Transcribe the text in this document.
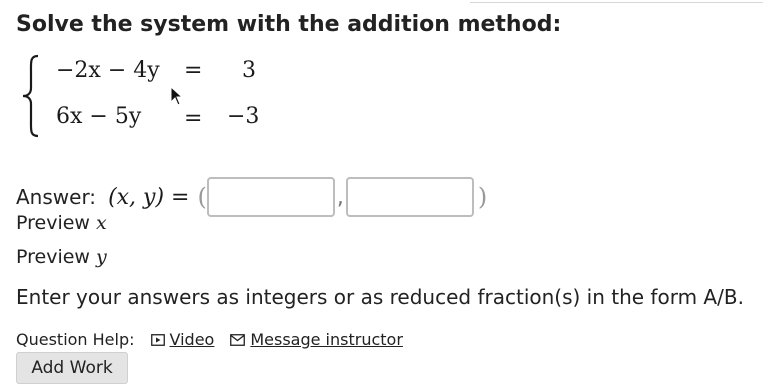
Solve the system with the addition method:
−2x − 4y = 3
6x − 5y = −3
Answer: (x, y) = (	,	)
Preview x
Preview y
Enter your answers as integers or as reduced fraction(s) in the form A/B.
Question Help: Video Message instructor
Add Work
